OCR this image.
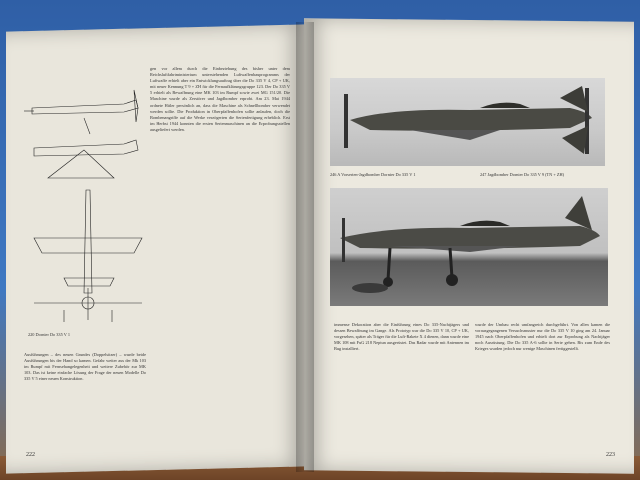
220 Dornier Do 335 V 1

gen vor allem durch die Einbeziehung des bisher unter dem Reichsluftfahrtministerium unterstehenden Luftwaffenbauprogramms der Luftwaffe erhielt aber ein Entwicklungsauftrag über die Do 335 V 4, CP + UK, mit neuer Kennung T 9 + ZH für die Fernaufklärungsgruppe 123. Der Do 335 V 5 erhielt als Bewaffnung eine MK 103 im Rumpf sowie zwei MG 151/20. Die Maschine wurde als Zerstörer und Jagdbomber erprobt. Am 23. Mai 1944 ordnete Hitler persönlich an, dass die Maschine als Schnellbomber verwendet werden sollte. Die Produktion in Oberpfaffenhofen sollte anlaufen, doch die Bombenangriffe auf die Werke verzögerten die Serienfertigung erheblich. Erst im Herbst 1944 konnten die ersten Serienmaschinen an die Erprobungsstellen ausgeliefert werden.

Ausführungen – des neuen Grundes (Doppelsitzer) – wurde beide Ausführungen bis der Hand so kamen. Gefahr weiter aus der Mk 103 im Rumpf mit Fernsehangelegenheit und weitere Zubehör zur MK 103. Das ist keine einfache Lösung der Frage der neuen Modelle Do 335 V 5 einer neuen Konstruktion.

222
246 A Vorserien-Jagdbomber Dornier Do 335 V 1	247 Jagdbomber Dornier Do 335 V 9 (TN + ZH)

immense Dekoration aber die Einführung eines Do 335-Nachtjägers und dessen Bewaffnung im Gange. Als Prototyp war die Do 335 V 10, CP + UK, vorgesehen, später als Träger für die Luft-Rakete X 4 dienen, dann wurde eine MK 108 mit FuG 218 Neptun ausgerüstet. Das Radar wurde mit Antennen im Bug installiert.

wurde der Umbau recht umfangreich durchgeführt. Von allen kamen die vorausgegangenen Versuchsmuster nur die Do 335 V 10 ging am 24. Januar 1945 nach Oberpfaffenhofen und erhielt dort zur Erprobung als Nachtjäger noch Ausrüstung. Die Do 335 A-6 sollte in Serie gehen. Bis zum Ende des Krieges wurden jedoch nur wenige Maschinen fertiggestellt.

223
